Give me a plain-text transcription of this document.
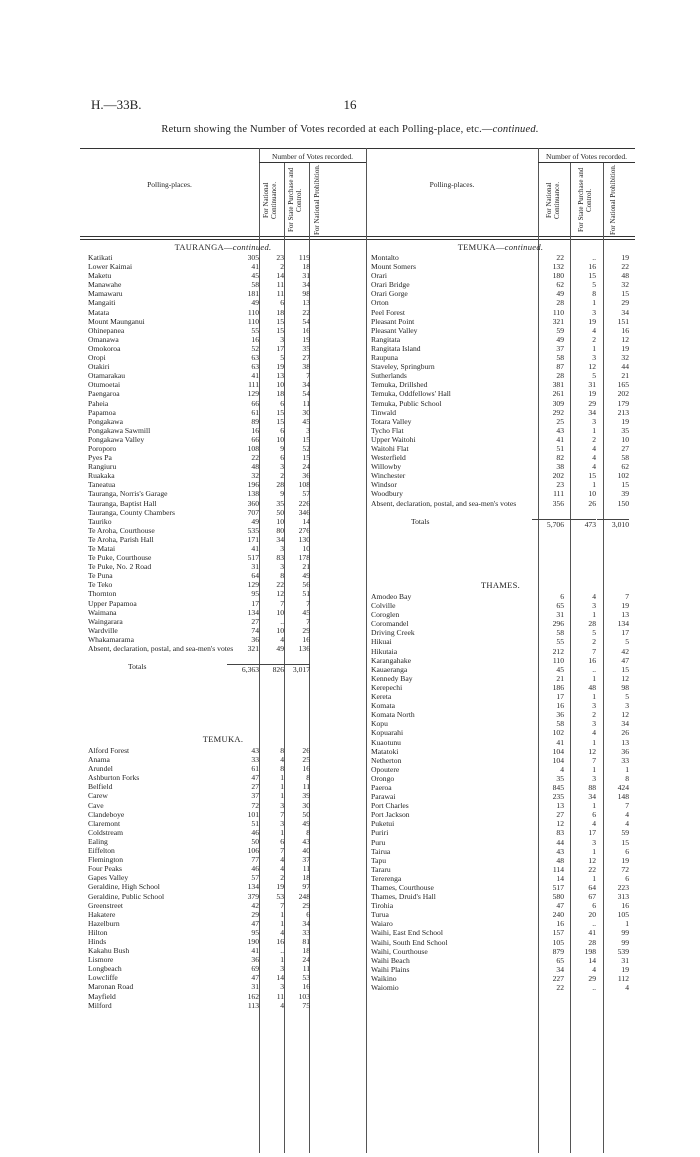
H.—33B.	16
Return showing the Number of Votes recorded at each Polling-place, etc.—continued.
Number of Votes recorded.	Number of Votes recorded.
Polling-places.	Polling-places.
For National Continuance.	For State Purchase and Control.	For National Prohibition.	For National Continuance.	For State Purchase and Control.	For National Prohibition.
TAURANGA—continued.
Katikati	305	23	119
Lower Kaimai	41	2	18
Maketu	45	14	31
Manawahe	58	11	34
Mamawaru	181	11	98
Mangaiti	49	6	13
Matata	110	18	22
Mount Maunganui	110	15	54
Ohinepanea	55	15	16
Omanawa	16	3	19
Omokoroa	52	17	35
Oropi	63	5	27
Otakiri	63	19	38
Otamarakau	41	13	7
Otumoetai	111	10	34
Paengaroa	129	18	54
Paheia	66	6	11
Papamoa	61	15	30
Pongakawa	89	15	45
Pongakawa Sawmill	16	6	3
Pongakawa Valley	66	10	15
Poroporo	108	9	52
Pyes Pa	22	6	15
Rangiuru	48	3	24
Ruakaka	32	2	36
Taneatua	196	28	108
Tauranga, Norris's Garage	138	9	57
Tauranga, Baptist Hall	360	35	226
Tauranga, County Chambers	707	50	346
Tauriko	49	10	14
Te Aroha, Courthouse	535	80	276
Te Aroha, Parish Hall	171	34	130
Te Matai	41	3	10
Te Puke, Courthouse	517	83	178
Te Puke, No. 2 Road	31	3	21
Te Puna	64	8	49
Te Teko	129	22	56
Thornton	95	12	51
Upper Papamoa	17	7	7
Waimana	134	10	45
Waingarara	27	..	7
Wardville	74	10	29
Whakamarama	36	4	16
Absent, declaration, postal, and sea-men's votes	321	49	136
Totals	6,363	826	3,017
TEMUKA.
Alford Forest	43	8	26
Anama	33	4	25
Arundel	61	8	16
Ashburton Forks	47	1	8
Belfield	27	1	11
Carew	37	1	39
Cave	72	3	30
Clandeboye	101	7	50
Claremont	51	3	49
Coldstream	46	1	8
Ealing	50	6	43
Eiffelton	106	7	40
Flemington	77	4	37
Four Peaks	46	4	11
Gapes Valley	57	2	18
Geraldine, High School	134	19	97
Geraldine, Public School	379	53	248
Greenstreet	42	7	29
Hakatere	29	1	6
Hazelburn	47	1	34
Hilton	95	4	33
Hinds	190	16	81
Kakahu Bush	41	..	18
Lismore	36	1	24
Longbeach	69	3	11
Lowcliffe	47	14	53
Maronan Road	31	3	16
Mayfield	162	11	103
Milford	113	4	75
TEMUKA—continued.
Montalto	22	..	19
Mount Somers	132	16	22
Orari	180	15	48
Orari Bridge	62	5	32
Orari Gorge	49	8	15
Orton	28	1	29
Peel Forest	110	3	34
Pleasant Point	321	19	151
Pleasant Valley	59	4	16
Rangitata	49	2	12
Rangitata Island	37	1	19
Raupuna	58	3	32
Staveley, Springburn	87	12	44
Sutherlands	28	5	21
Temuka, Drillshed	381	31	165
Temuka, Oddfellows' Hall	261	19	202
Temuka, Public School	309	29	179
Tinwald	292	34	213
Totara Valley	25	3	19
Tycho Flat	43	1	35
Upper Waitohi	41	2	10
Waitohi Flat	51	4	27
Westerfield	82	4	58
Willowby	38	4	62
Winchester	202	15	102
Windsor	23	1	15
Woodbury	111	10	39
Absent, declaration, postal, and sea-men's votes	356	26	150
Totals	5,706	473	3,010
THAMES.
Amodeo Bay	6	4	7
Colville	65	3	19
Coroglen	31	1	13
Coromandel	296	28	134
Driving Creek	58	5	17
Hikuai	55	2	5
Hikutaia	212	7	42
Karangahake	110	16	47
Kauaeranga	45	..	15
Kennedy Bay	21	1	12
Kerepechi	186	48	98
Kereta	17	1	5
Komata	16	3	3
Komata North	36	2	12
Kopu	58	3	34
Kopuarahi	102	4	26
Kuaotunu	41	1	13
Matatoki	104	12	36
Netherton	104	7	33
Opoutere	4	1	1
Orongo	35	3	8
Paeroa	845	88	424
Parawai	235	34	148
Port Charles	13	1	7
Port Jackson	27	6	4
Puketui	12	4	4
Puriri	83	17	59
Puru	44	3	15
Tairua	43	1	6
Tapu	48	12	19
Tararu	114	22	72
Tererenga	14	1	6
Thames, Courthouse	517	64	223
Thames, Druid's Hall	580	67	313
Tirohia	47	6	16
Turua	240	20	105
Waiaro	16	..	1
Waihi, East End School	157	41	99
Waihi, South End School	105	28	99
Waihi, Courthouse	879	198	539
Waihi Beach	65	14	31
Waihi Plains	34	4	19
Waikino	227	29	112
Waiomio	22	..	4
